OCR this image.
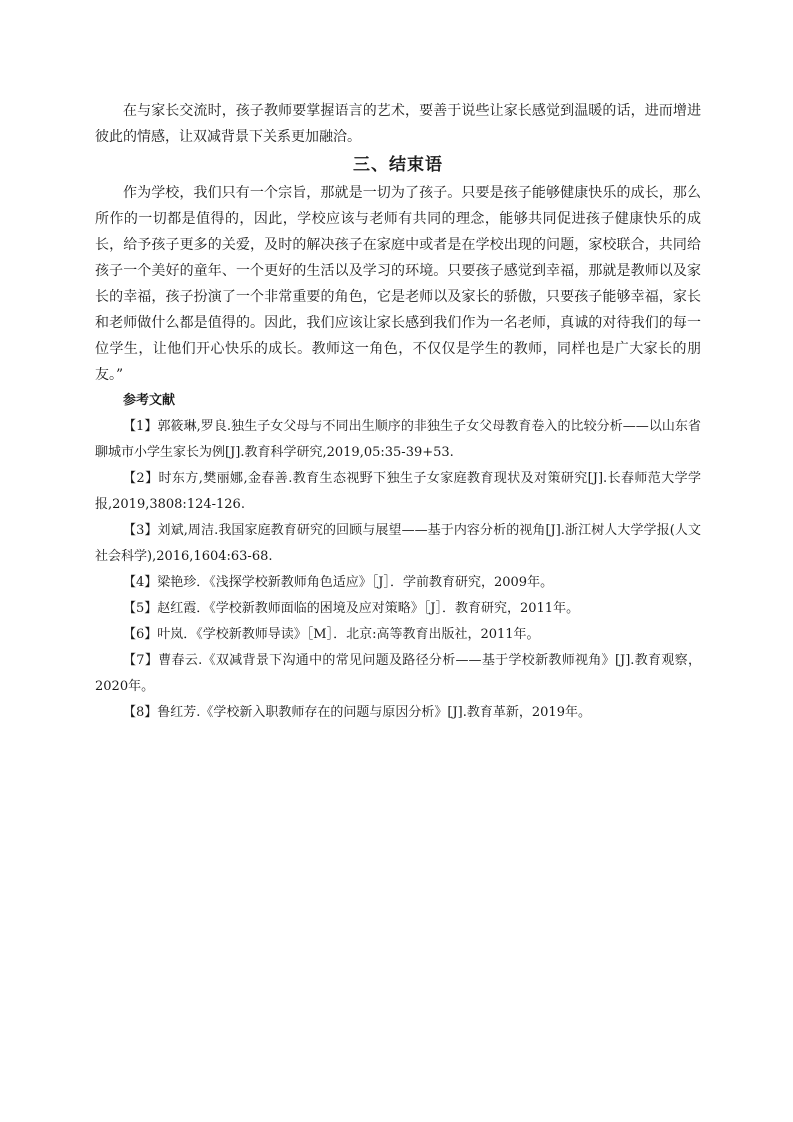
在与家长交流时，孩子教师要掌握语言的艺术，要善于说些让家长感觉到温暖的话，进而增进彼此的情感，让双减背景下关系更加融洽。

三、结束语

作为学校，我们只有一个宗旨，那就是一切为了孩子。只要是孩子能够健康快乐的成长，那么所作的一切都是值得的，因此，学校应该与老师有共同的理念，能够共同促进孩子健康快乐的成长，给予孩子更多的关爱，及时的解决孩子在家庭中或者是在学校出现的问题，家校联合，共同给孩子一个美好的童年、一个更好的生活以及学习的环境。只要孩子感觉到幸福，那就是教师以及家长的幸福，孩子扮演了一个非常重要的角色，它是老师以及家长的骄傲，只要孩子能够幸福，家长和老师做什么都是值得的。因此，我们应该让家长感到我们作为一名老师，真诚的对待我们的每一位学生，让他们开心快乐的成长。教师这一角色，不仅仅是学生的教师，同样也是广大家长的朋友。”

参考文献
【1】郭筱琳,罗良.独生子女父母与不同出生顺序的非独生子女父母教育卷入的比较分析——以山东省聊城市小学生家长为例[J].教育科学研究,2019,05:35-39+53.
【2】时东方,樊丽娜,金春善.教育生态视野下独生子女家庭教育现状及对策研究[J].长春师范大学学报,2019,3808:124-126.
【3】刘斌,周洁.我国家庭教育研究的回顾与展望——基于内容分析的视角[J].浙江树人大学学报(人文社会科学),2016,1604:63-68.
【4】梁艳珍．《浅探学校新教师角色适应》［J］．学前教育研究，2009年。
【5】赵红霞．《学校新教师面临的困境及应对策略》［J］．教育研究，2011年。
【6】叶岚．《学校新教师导读》［M］．北京:高等教育出版社，2011年。
【7】曹春云.《双减背景下沟通中的常见问题及路径分析——基于学校新教师视角》[J].教育观察，2020年。
【8】鲁红芳.《学校新入职教师存在的问题与原因分析》[J].教育革新，2019年。
